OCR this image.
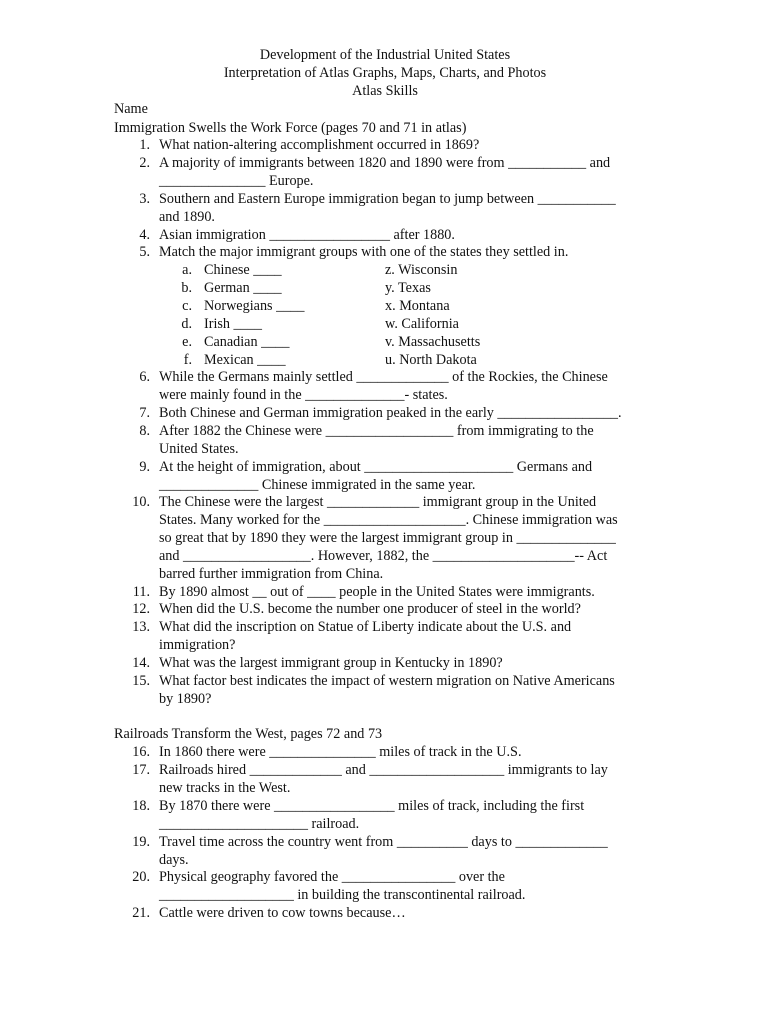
Development of the Industrial United States
Interpretation of Atlas Graphs, Maps, Charts, and Photos
Atlas Skills
Name
Immigration Swells the Work Force (pages 70 and 71 in atlas)
1. What nation-altering accomplishment occurred in 1869?
2. A majority of immigrants between 1820 and 1890 were from ___________ and
_______________ Europe.
3. Southern and Eastern Europe immigration began to jump between ___________
and 1890.
4. Asian immigration _________________ after 1880.
5. Match the major immigrant groups with one of the states they settled in.
a. Chinese ____	z. Wisconsin
b. German ____	y. Texas
c. Norwegians ____	x. Montana
d. Irish ____	w. California
e. Canadian ____	v. Massachusetts
f. Mexican ____	u. North Dakota
6. While the Germans mainly settled _____________ of the Rockies, the Chinese
were mainly found in the ______________- states.
7. Both Chinese and German immigration peaked in the early _________________.
8. After 1882 the Chinese were __________________ from immigrating to the
United States.
9. At the height of immigration, about _____________________ Germans and
______________ Chinese immigrated in the same year.
10. The Chinese were the largest _____________ immigrant group in the United
States. Many worked for the ____________________. Chinese immigration was
so great that by 1890 they were the largest immigrant group in ______________
and __________________. However, 1882, the ____________________-- Act
barred further immigration from China.
11. By 1890 almost __ out of ____ people in the United States were immigrants.
12. When did the U.S. become the number one producer of steel in the world?
13. What did the inscription on Statue of Liberty indicate about the U.S. and
immigration?
14. What was the largest immigrant group in Kentucky in 1890?
15. What factor best indicates the impact of western migration on Native Americans
by 1890?
Railroads Transform the West, pages 72 and 73
16. In 1860 there were _______________ miles of track in the U.S.
17. Railroads hired _____________ and ___________________ immigrants to lay
new tracks in the West.
18. By 1870 there were _________________ miles of track, including the first
_____________________ railroad.
19. Travel time across the country went from __________ days to _____________
days.
20. Physical geography favored the ________________ over the
___________________ in building the transcontinental railroad.
21. Cattle were driven to cow towns because…
